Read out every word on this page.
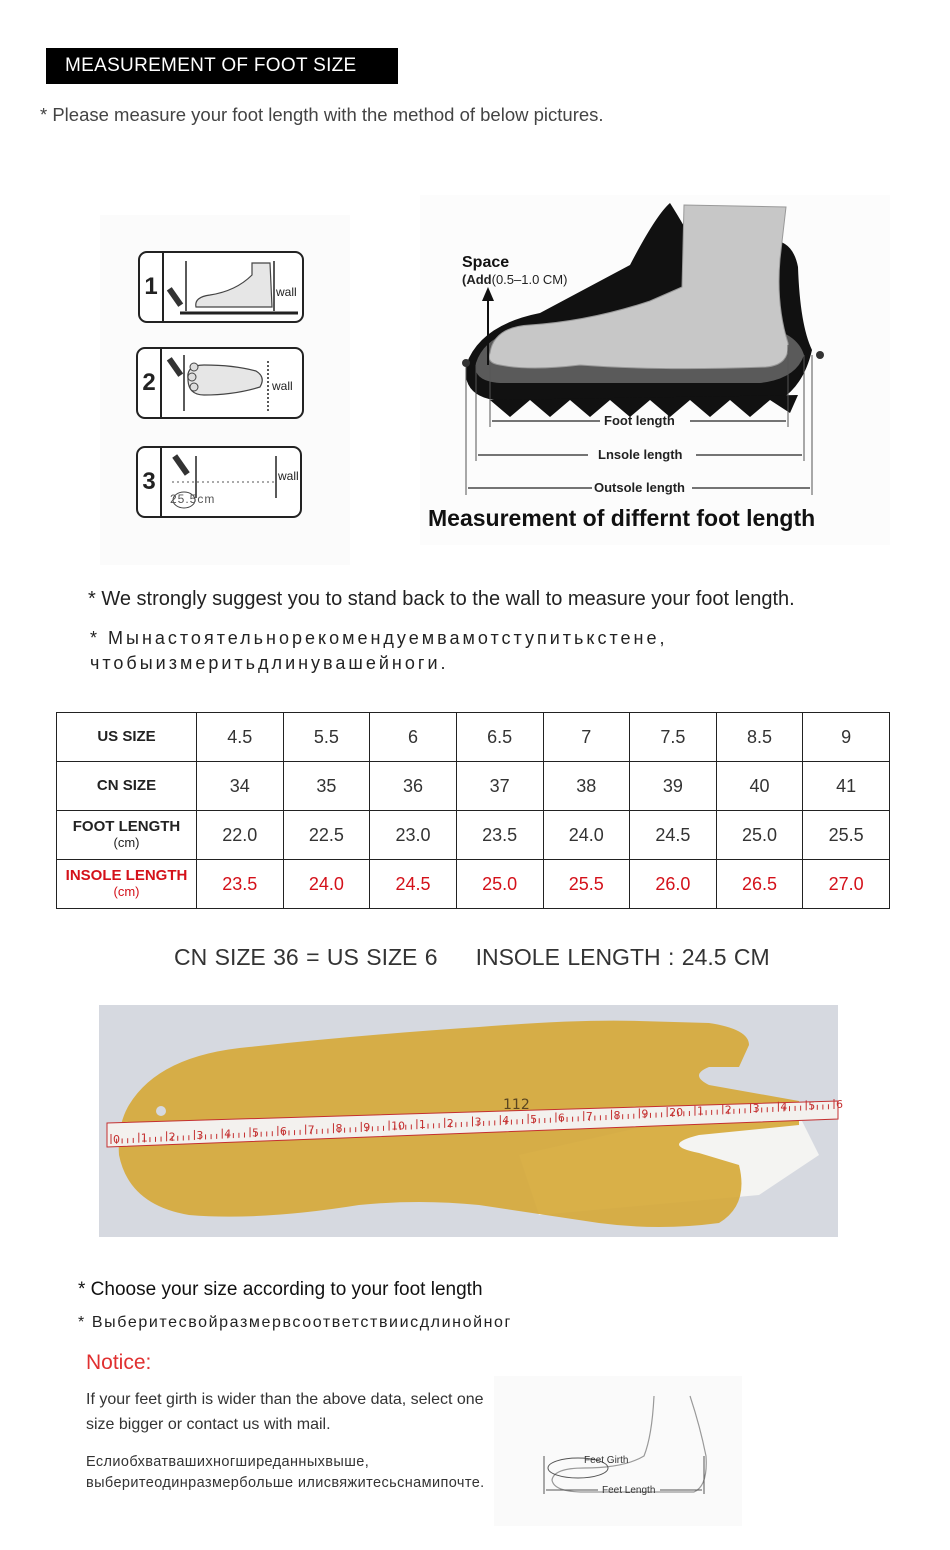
MEASUREMENT OF FOOT SIZE
* Please measure your foot length with the method of below pictures.
1	wall
2	wall
3	wall
25.5cm
Foot length
Lnsole length
Outsole length
Space
(Add(0.5–1.0 CM)
Measurement of differnt foot length
* We strongly suggest you to stand back to the wall to measure your foot length.
* Мынастоятельнорекомендуемвамотступитькстене, чтобыизмеритьдлинувашейноги.
US SIZE	4.5	5.5	6	6.5	7	7.5	8.5	9
CN SIZE	34	35	36	37	38	39	40	41
FOOT LENGTH
(cm)	22.0	22.5	23.0	23.5	24.0	24.5	25.0	25.5
INSOLE LENGTH
(cm)	23.5	24.0	24.5	25.0	25.5	26.0	26.5	27.0
CN SIZE 36 = US SIZE 6 INSOLE LENGTH : 24.5 CM
0 1 2 3 4 5 6 7 8 9 10 1 2 3 4 5 6 7 8 9 20 1 2 3 4 5 6
112
* Choose your size according to your foot length
* Выберитесвойразмервсоответствиисдлинойног
Notice:
If your feet girth is wider than the above data, select one size bigger or contact us with mail.
Еслиобхватвашихногширеданныхвыше, выберитеодинразмербольше илисвяжитесьснамипочте.
Feet Girth
Feet Length
